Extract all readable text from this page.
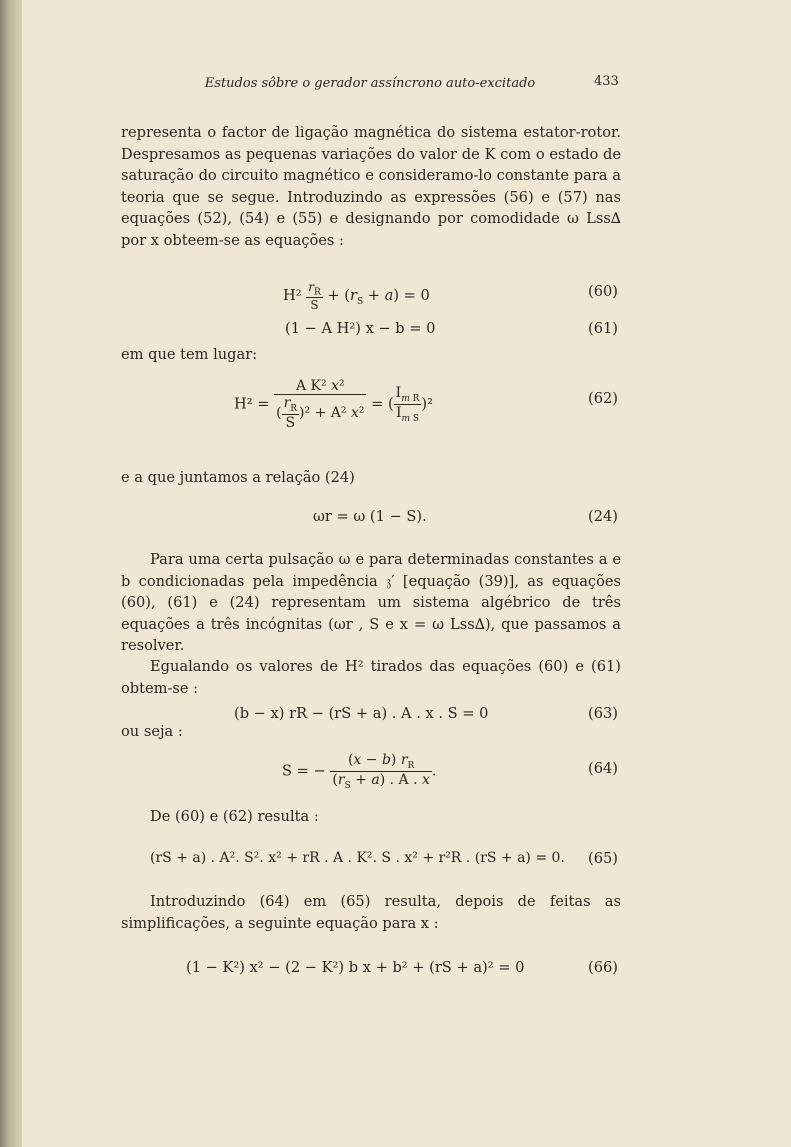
Estudos sôbre o gerador assíncrono auto-excitado	433
representa o factor de ligação magnética do sistema estator-rotor. Despresamos as pequenas variações do valor de K com o estado de saturação do circuito magnético e consideramo-lo constante para a teoria que se segue. Introduzindo as expressões (56) e (57) nas equações (52), (54) e (55) e designando por comodidade ω Lss∆ por x obteem-se as equações :
$H^2 \frac{r_R}{S} + (r_S + a) = 0$	(60)
(1 − A H²) x − b = 0	(61)
em que tem lugar:
$H^2 = \frac{\text{A K² x²}}{( \frac{r_R}{S} )^2 + A^2 x^2}$ = ( $\frac{I_{m R}}{I_{m S}} )^2$	(62)
e a que juntamos a relação (24)
ωr = ω (1 − S).	(24)
Para uma certa pulsação ω e para determinadas constantes a e b condicionadas pela impedência 𝔷′ [equação (39)], as equações (60), (61) e (24) representam um sistema algébrico de três equações a três incógnitas (ωr , S e x = ω Lss∆), que passamos a resolver.
Egualando os valores de H² tirados das equações (60) e (61) obtem-se :
(b − x) rR − (rS + a) . A . x . S = 0	(63)
ou seja :
S = − $\frac{(x - b) r_R}{(r_S + a) . A . x}$ .	(64)
De (60) e (62) resulta :
(rS + a) . A². S². x² + rR . A . K². S . x² + r²R . (rS + a) = 0. (65)
Introduzindo (64) em (65) resulta, depois de feitas as simplificações, a seguinte equação para x :
(1 − K²) x² − (2 − K²) b x + b² + (rS + a)² = 0	(66)
